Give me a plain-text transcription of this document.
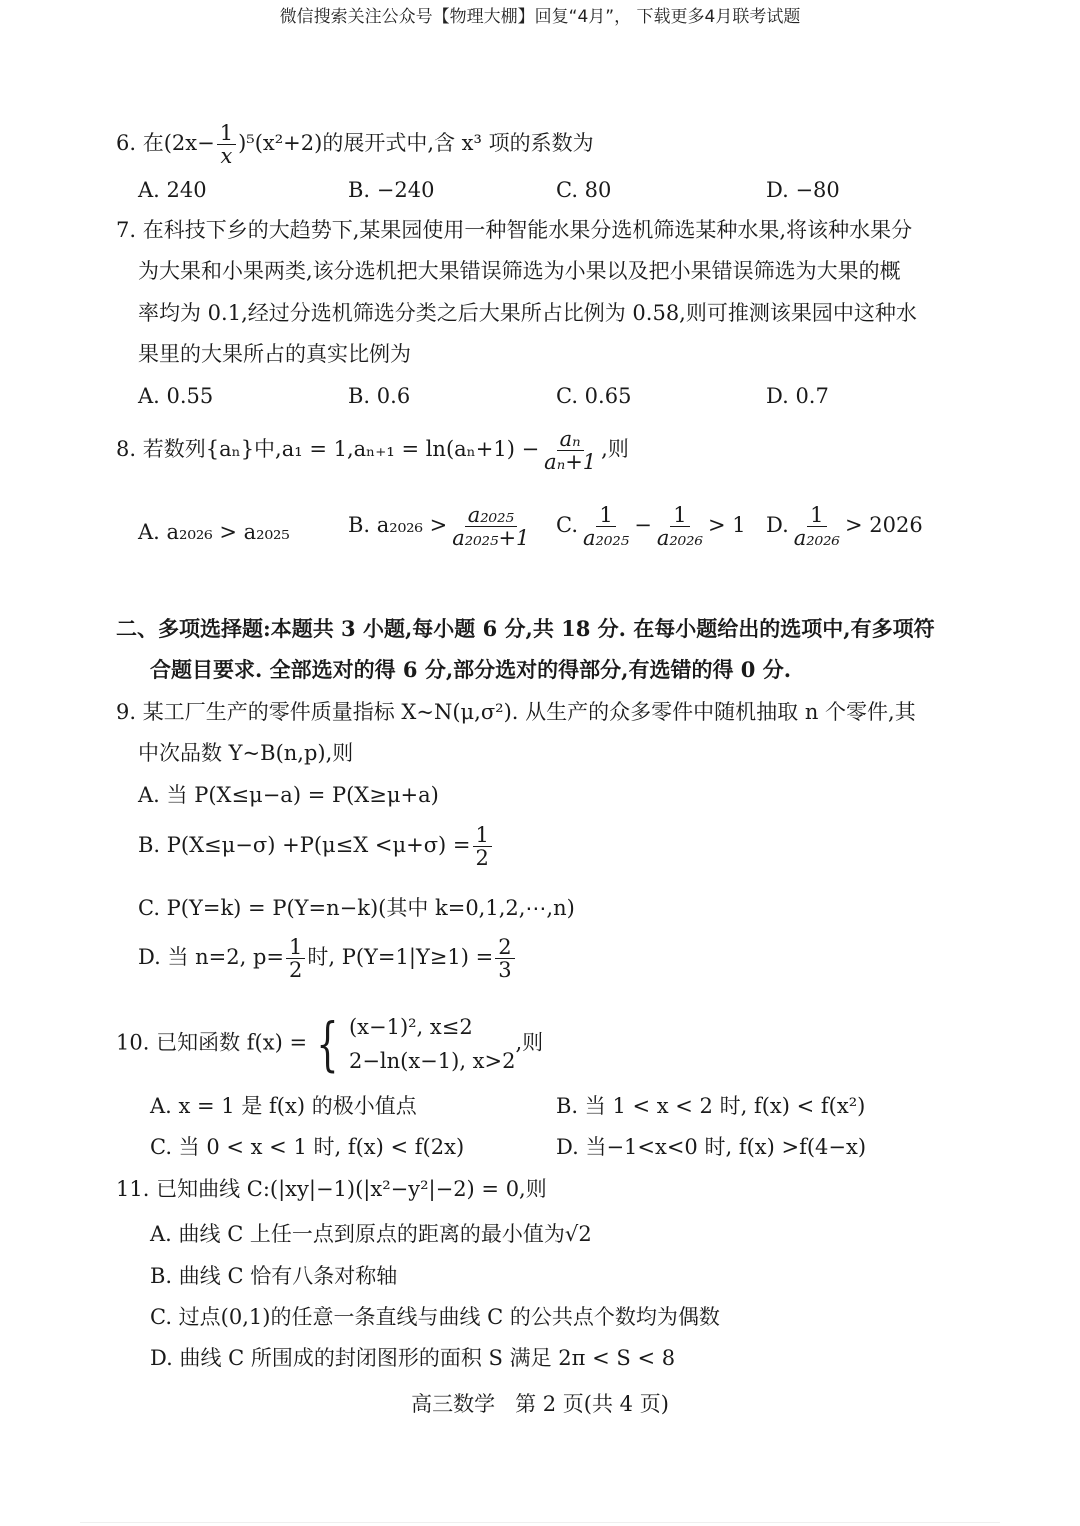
微信搜索关注公众号【物理大棚】回复“4月”， 下载更多4月联考试题
6. 在$(2x- \frac{1}{x} )^5(x^2+2)$的展开式中,含 x³ 项的系数为
A. 240	B. −240	C. 80	D. −80
7. 在科技下乡的大趋势下,某果园使用一种智能水果分选机筛选某种水果,将该种水果分
为大果和小果两类,该分选机把大果错误筛选为小果以及把小果错误筛选为大果的概
率均为 0.1,经过分选机筛选分类之后大果所占比例为 0.58,则可推测该果园中这种水
果里的大果所占的真实比例为
A. 0.55	B. 0.6	C. 0.65	D. 0.7
8. 若数列{aₙ}中$,a_1 = 1,a_{n+1} = \ln(a_n+1) - \frac{\text{aₙ}}{\text{aₙ+1}}$ ,则
A. a₂₀₂₆ > a₂₀₂₅	B. $a_{2026} > \frac{\text{a₂₀₂₅}}{\text{a₂₀₂₅+1}} C$. $\frac{1}{\text{a₂₀₂₅}} - \frac{1}{\text{a₂₀₂₆}} > 1$ D. $\frac{1}{\text{a₂₀₂₆}} > 2026$
二、多项选择题:本题共 3 小题,每小题 6 分,共 18 分. 在每小题给出的选项中,有多项符
合题目要求. 全部选对的得 6 分,部分选对的得部分,有选错的得 0 分.
9. 某工厂生产的零件质量指标 X~N(μ,σ²). 从生产的众多零件中随机抽取 n 个零件,其
中次品数 Y~B(n,p),则
A. 当 P(X≤μ−a) = P(X≥μ+a)
B. $P(X\le\mu-\sigma) +P(\mu\le X <\mu+\sigma) = \frac{1}{2}$
C. P(Y=k) = P(Y=n−k)(其中 k=0,1,2,⋯,n)
D. 当 n=2, $p= \frac{1}{2}$ 时, $P(Y=1|Y\ge 1) = \frac{2}{3}$
10. 已知函数 f(x) = { (x−1)², x≤2
2−ln(x−1), x>2
,则
A. x = 1 是 f(x) 的极小值点	B. 当 1 < x < 2 时, f(x) < f(x²)
C. 当 0 < x < 1 时, f(x) < f(2x)	D. 当−1<x<0 时, f(x) >f(4−x)
11. 已知曲线 C:(|xy|−1)(|x²−y²|−2) = 0,则
A. 曲线 C 上任一点到原点的距离的最小值为√2
B. 曲线 C 恰有八条对称轴
C. 过点(0,1)的任意一条直线与曲线 C 的公共点个数均为偶数
D. 曲线 C 所围成的封闭图形的面积 S 满足 2π < S < 8
高三数学 第 2 页(共 4 页)
